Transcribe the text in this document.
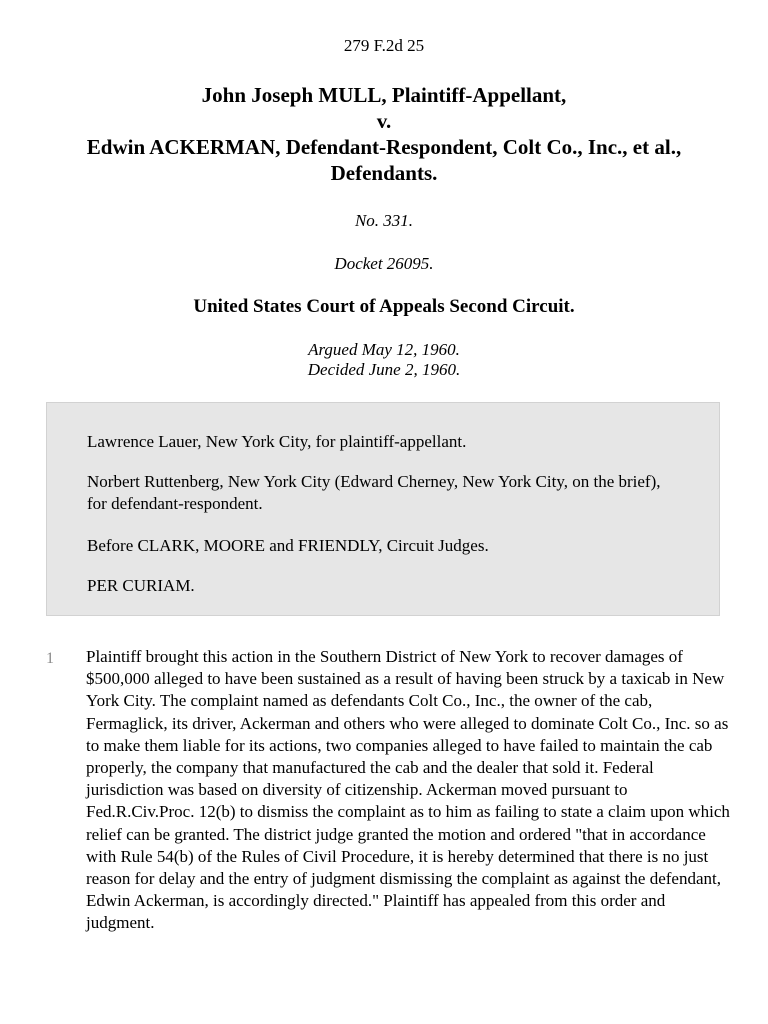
279 F.2d 25
John Joseph MULL, Plaintiff-Appellant,
v.
Edwin ACKERMAN, Defendant-Respondent, Colt Co., Inc., et al., Defendants.
No. 331.
Docket 26095.
United States Court of Appeals Second Circuit.
Argued May 12, 1960.
Decided June 2, 1960.
Lawrence Lauer, New York City, for plaintiff-appellant.
Norbert Ruttenberg, New York City (Edward Cherney, New York City, on the brief), for defendant-respondent.
Before CLARK, MOORE and FRIENDLY, Circuit Judges.
PER CURIAM.
1 Plaintiff brought this action in the Southern District of New York to recover damages of $500,000 alleged to have been sustained as a result of having been struck by a taxicab in New York City. The complaint named as defendants Colt Co., Inc., the owner of the cab, Fermaglick, its driver, Ackerman and others who were alleged to dominate Colt Co., Inc. so as to make them liable for its actions, two companies alleged to have failed to maintain the cab properly, the company that manufactured the cab and the dealer that sold it. Federal jurisdiction was based on diversity of citizenship. Ackerman moved pursuant to Fed.R.Civ.Proc. 12(b) to dismiss the complaint as to him as failing to state a claim upon which relief can be granted. The district judge granted the motion and ordered "that in accordance with Rule 54(b) of the Rules of Civil Procedure, it is hereby determined that there is no just reason for delay and the entry of judgment dismissing the complaint as against the defendant, Edwin Ackerman, is accordingly directed." Plaintiff has appealed from this order and judgment.
